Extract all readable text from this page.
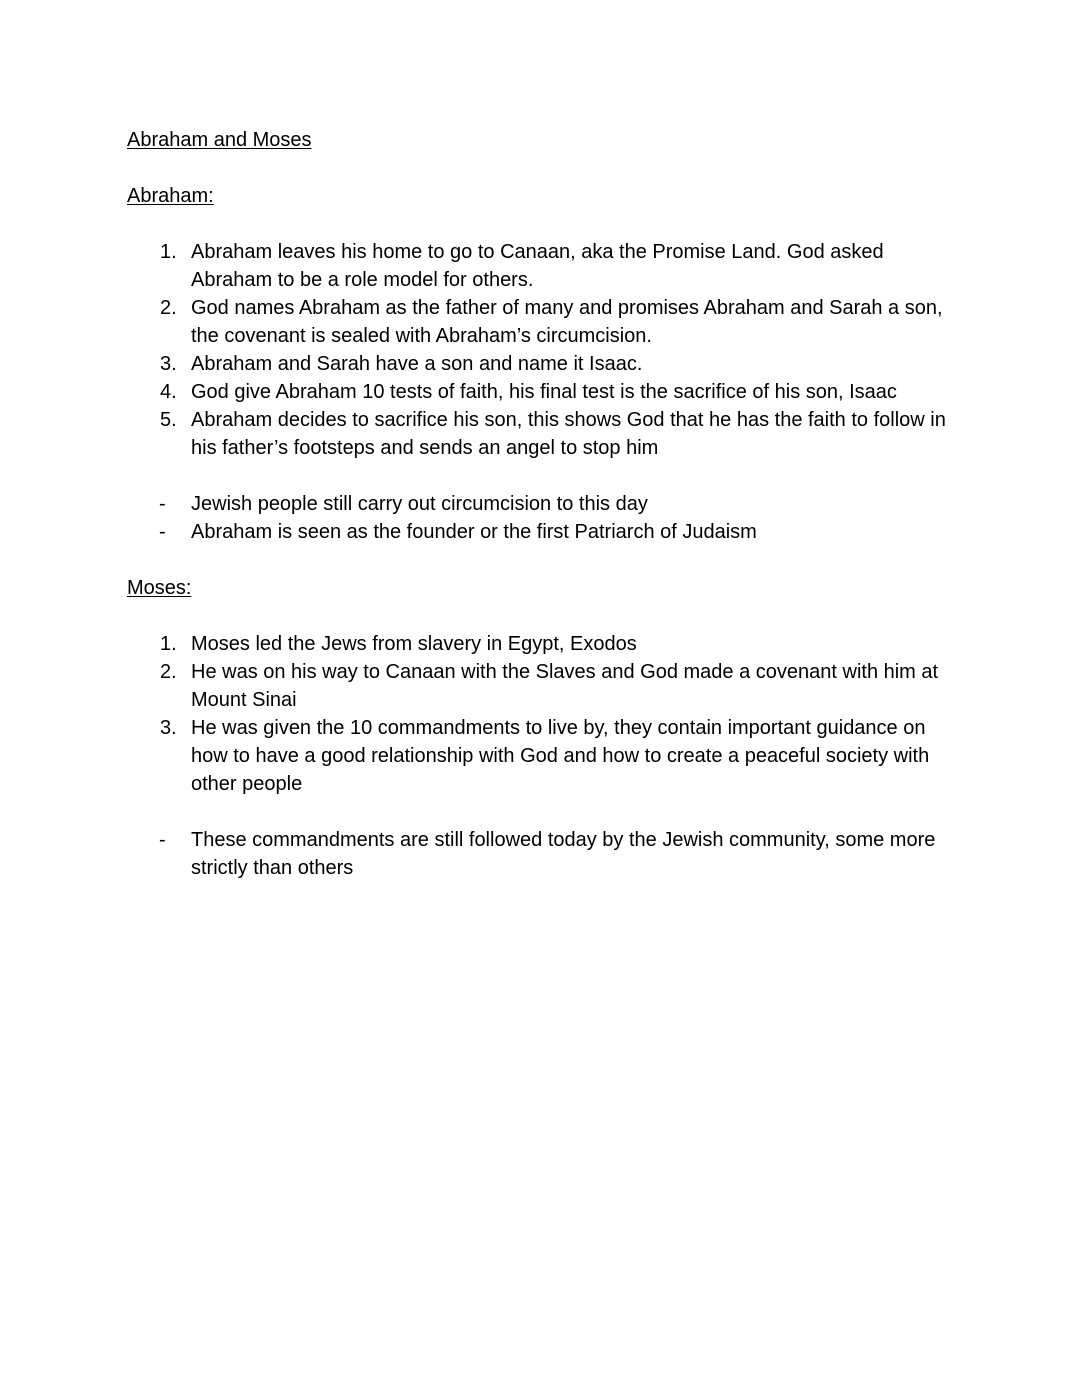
Abraham and Moses
Abraham:
1. Abraham leaves his home to go to Canaan, aka the Promise Land. God asked Abraham to be a role model for others.
2. God names Abraham as the father of many and promises Abraham and Sarah a son, the covenant is sealed with Abraham’s circumcision.
3. Abraham and Sarah have a son and name it Isaac.
4. God give Abraham 10 tests of faith, his final test is the sacrifice of his son, Isaac
5. Abraham decides to sacrifice his son, this shows God that he has the faith to follow in his father’s footsteps and sends an angel to stop him
- Jewish people still carry out circumcision to this day
- Abraham is seen as the founder or the first Patriarch of Judaism
Moses:
1. Moses led the Jews from slavery in Egypt, Exodos
2. He was on his way to Canaan with the Slaves and God made a covenant with him at Mount Sinai
3. He was given the 10 commandments to live by, they contain important guidance on how to have a good relationship with God and how to create a peaceful society with other people
- These commandments are still followed today by the Jewish community, some more strictly than others
